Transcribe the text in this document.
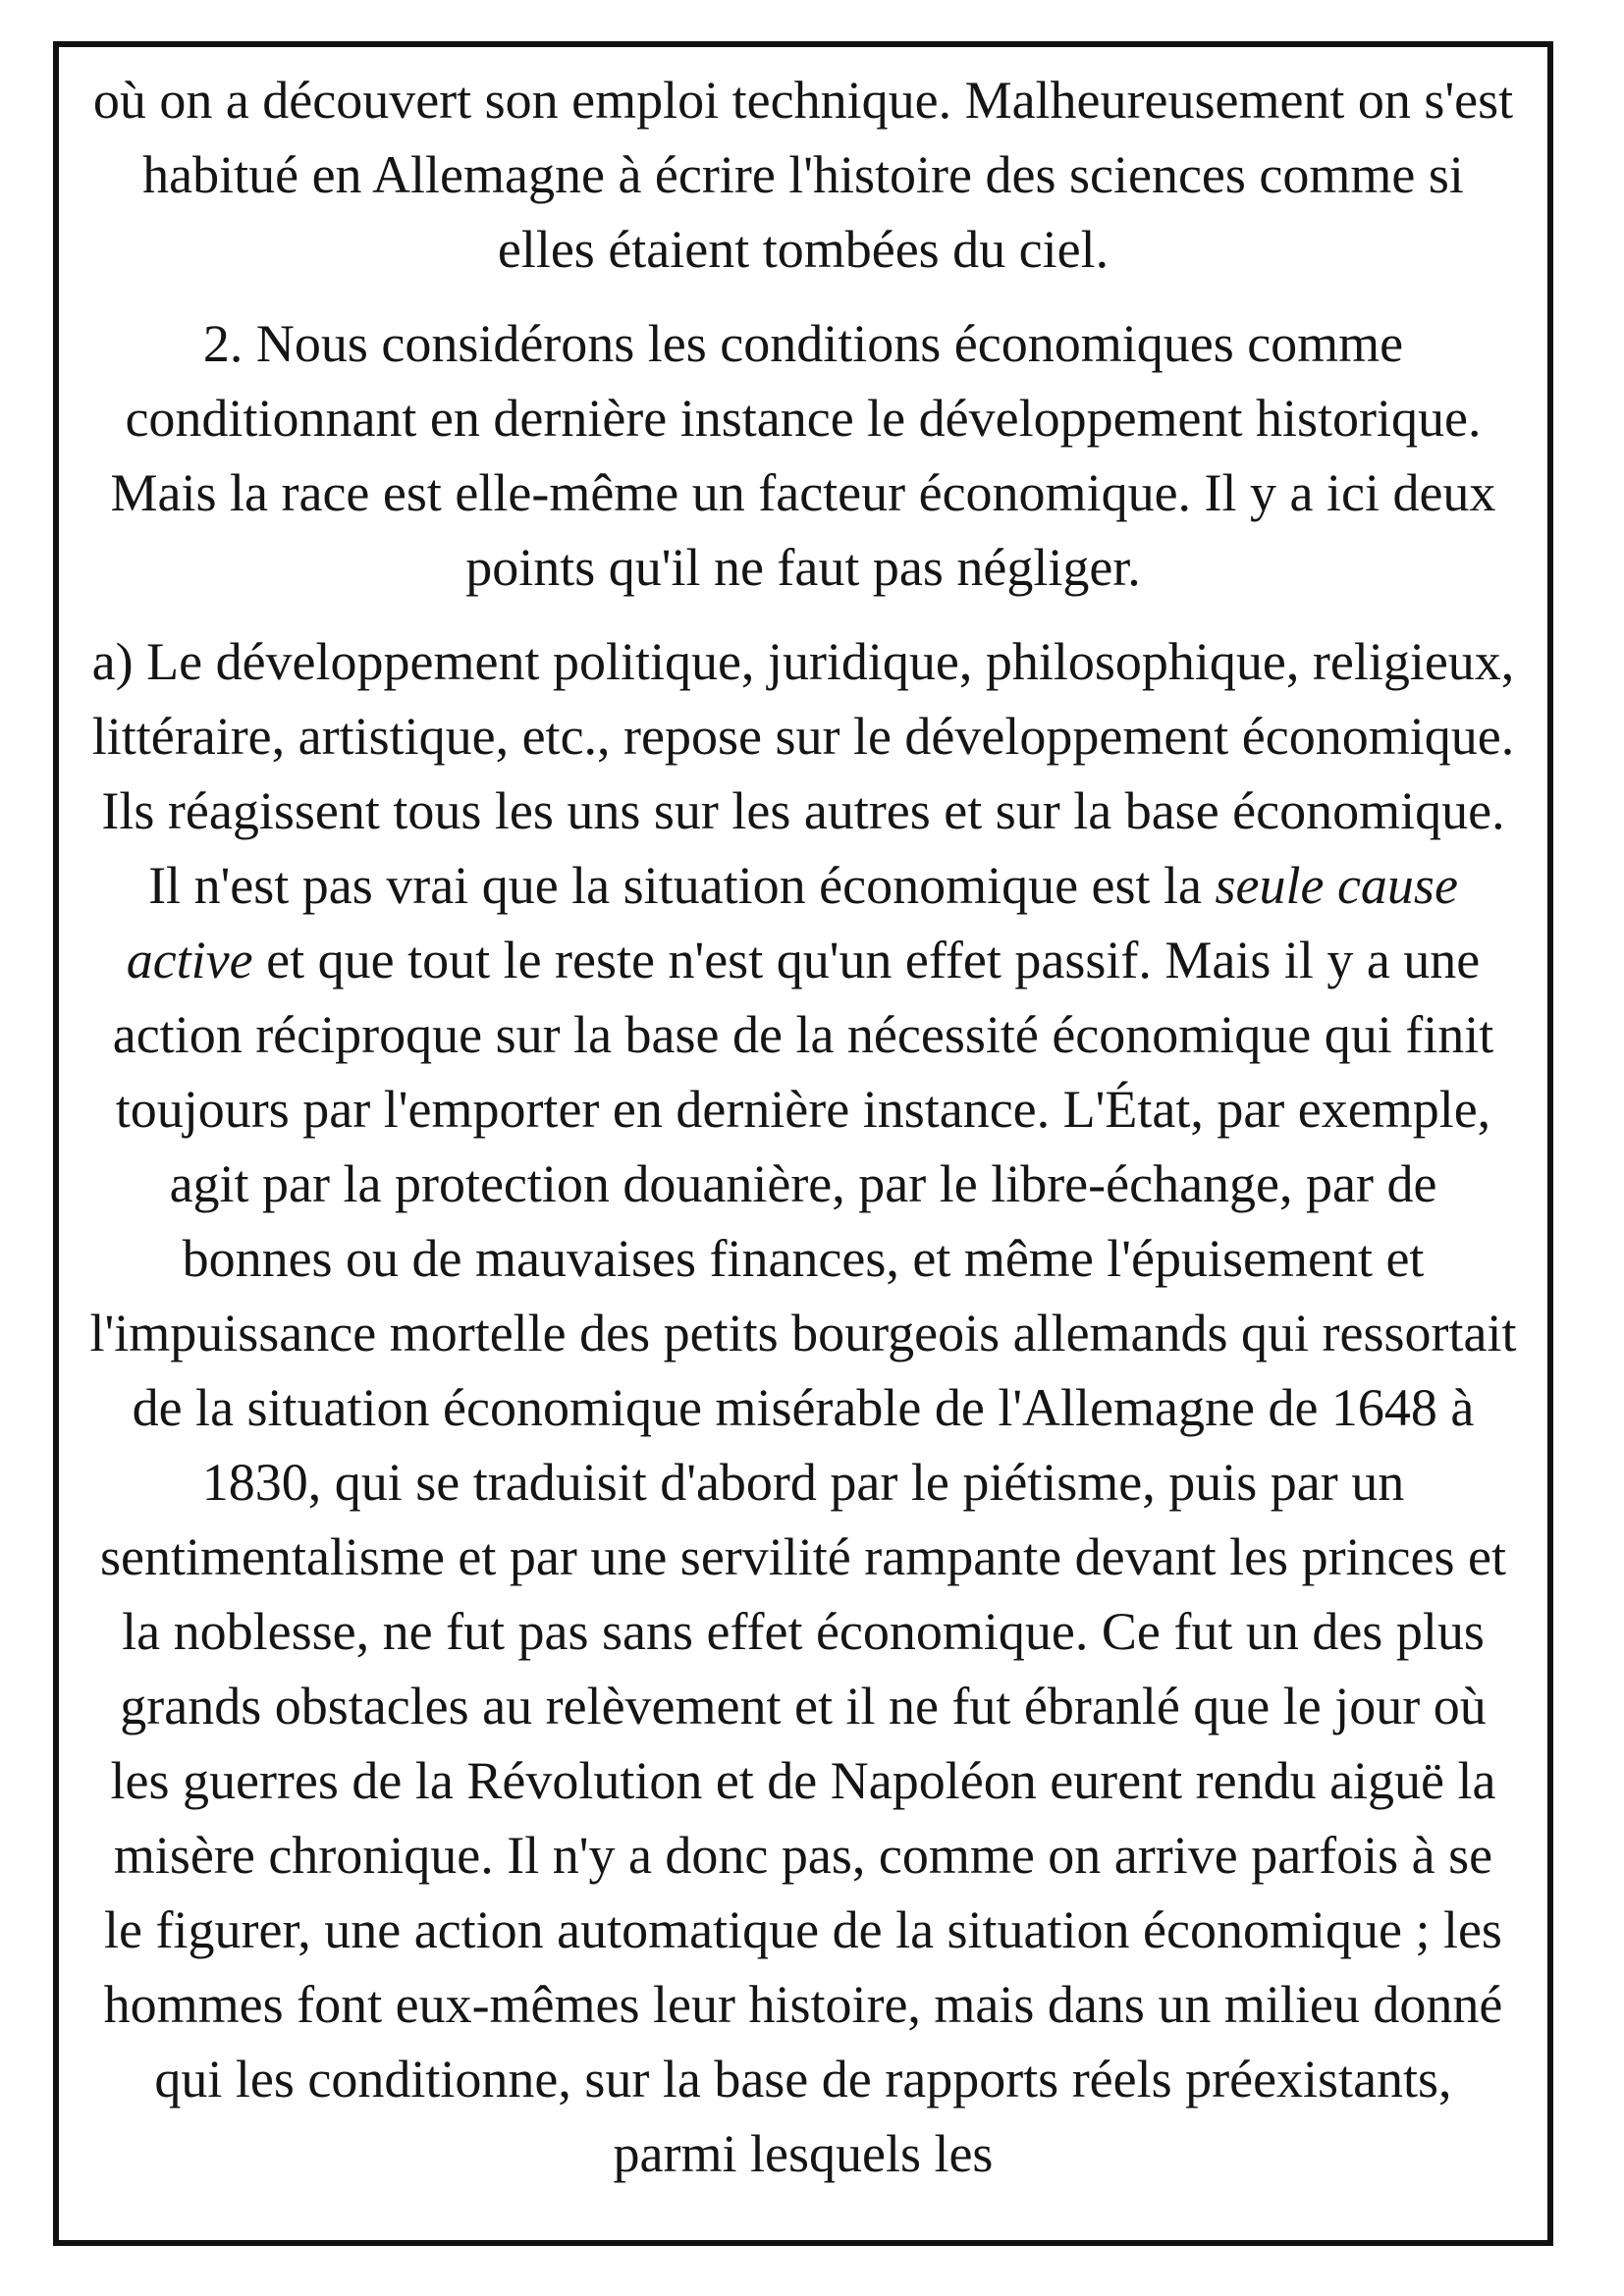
où on a découvert son emploi technique. Malheureusement on s'est habitué en Allemagne à écrire l'histoire des sciences comme si elles étaient tombées du ciel.

2. Nous considérons les conditions économiques comme conditionnant en dernière instance le développement historique. Mais la race est elle-même un facteur économique. Il y a ici deux points qu'il ne faut pas négliger.

a) Le développement politique, juridique, philosophique, religieux, littéraire, artistique, etc., repose sur le développement économique. Ils réagissent tous les uns sur les autres et sur la base économique. Il n'est pas vrai que la situation économique est la seule cause active et que tout le reste n'est qu'un effet passif. Mais il y a une action réciproque sur la base de la nécessité économique qui finit toujours par l'emporter en dernière instance. L'État, par exemple, agit par la protection douanière, par le libre-échange, par de bonnes ou de mauvaises finances, et même l'épuisement et l'impuissance mortelle des petits bourgeois allemands qui ressortait de la situation économique misérable de l'Allemagne de 1648 à 1830, qui se traduisit d'abord par le piétisme, puis par un sentimentalisme et par une servilité rampante devant les princes et la noblesse, ne fut pas sans effet économique. Ce fut un des plus grands obstacles au relèvement et il ne fut ébranlé que le jour où les guerres de la Révolution et de Napoléon eurent rendu aiguë la misère chronique. Il n'y a donc pas, comme on arrive parfois à se le figurer, une action automatique de la situation économique ; les hommes font eux-mêmes leur histoire, mais dans un milieu donné qui les conditionne, sur la base de rapports réels préexistants, parmi lesquels les
